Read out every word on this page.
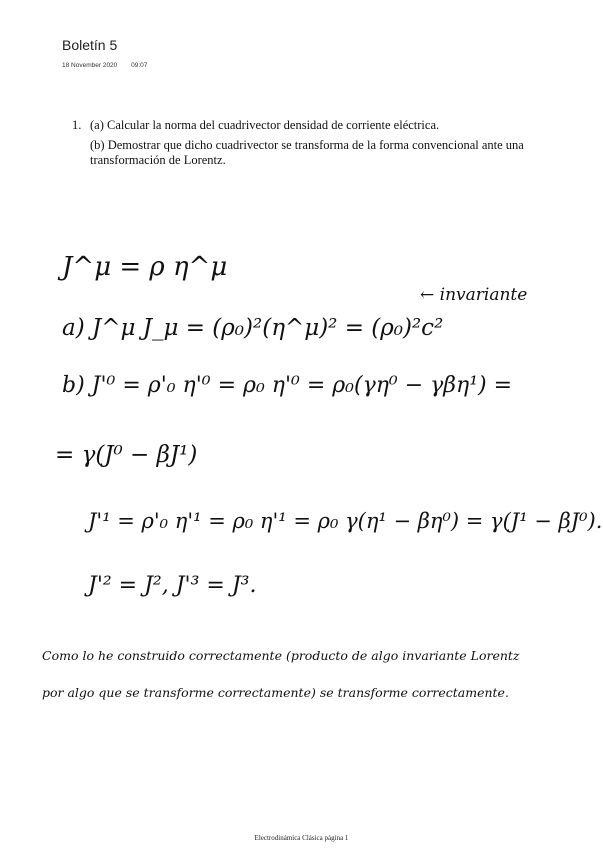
Boletín 5
18 November 2020 09:07
1. (a) Calcular la norma del cuadrivector densidad de corriente eléctrica.
(b) Demostrar que dicho cuadrivector se transforma de la forma convencional ante una transformación de Lorentz.
J^μ = ρ η^μ
a) J^μ J_μ = (ρ₀)²(η^μ)² = (ρ₀)²c²
← invariante
b) J'⁰ = ρ'₀ η'⁰ = ρ₀ η'⁰ = ρ₀(γη⁰ − γβη¹) =
= γ(J⁰ − βJ¹)
J'¹ = ρ'₀ η'¹ = ρ₀ η'¹ = ρ₀ γ(η¹ − βη⁰) = γ(J¹ − βJ⁰).
J'² = J², J'³ = J³.
Como lo he construido correctamente (producto de algo invariante Lorentz
por algo que se transforme correctamente) se transforme correctamente.
Electrodinámica Clásica página 1
